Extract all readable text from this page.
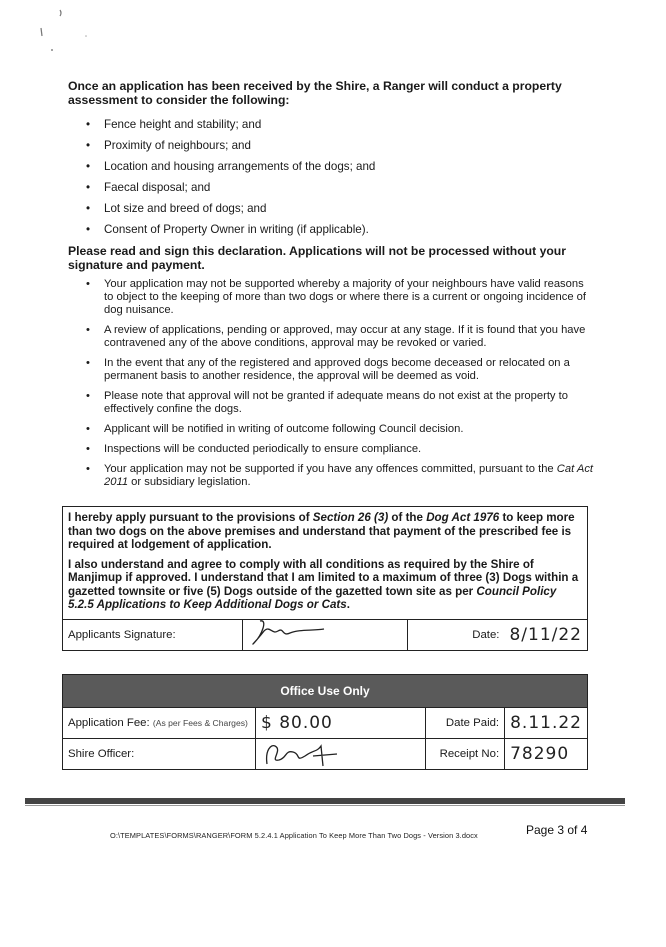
Once an application has been received by the Shire, a Ranger will conduct a property assessment to consider the following:

• Fence height and stability; and
• Proximity of neighbours; and
• Location and housing arrangements of the dogs; and
• Faecal disposal; and
• Lot size and breed of dogs; and
• Consent of Property Owner in writing (if applicable).

Please read and sign this declaration. Applications will not be processed without your signature and payment.

• Your application may not be supported whereby a majority of your neighbours have valid reasons to object to the keeping of more than two dogs or where there is a current or ongoing incidence of dog nuisance.
• A review of applications, pending or approved, may occur at any stage. If it is found that you have contravened any of the above conditions, approval may be revoked or varied.
• In the event that any of the registered and approved dogs become deceased or relocated on a permanent basis to another residence, the approval will be deemed as void.
• Please note that approval will not be granted if adequate means do not exist at the property to effectively confine the dogs.
• Applicant will be notified in writing of outcome following Council decision.
• Inspections will be conducted periodically to ensure compliance.
• Your application may not be supported if you have any offences committed, pursuant to the Cat Act 2011 or subsidiary legislation.

I hereby apply pursuant to the provisions of Section 26 (3) of the Dog Act 1976 to keep more than two dogs on the above premises and understand that payment of the prescribed fee is required at lodgement of application.

I also understand and agree to comply with all conditions as required by the Shire of Manjimup if approved. I understand that I am limited to a maximum of three (3) Dogs within a gazetted townsite or five (5) Dogs outside of the gazetted town site as per Council Policy 5.2.5 Applications to Keep Additional Dogs or Cats.

Applicants Signature:		Date:	8/11/22
Office Use Only			
Application Fee: (As per Fees & Charges)	$ 80.00	Date Paid:	8.11.22
Shire Officer:		Receipt No:	78290
O:\TEMPLATES\FORMS\RANGER\FORM 5.2.4.1 Application To Keep More Than Two Dogs - Version 3.docx	Page 3 of 4
